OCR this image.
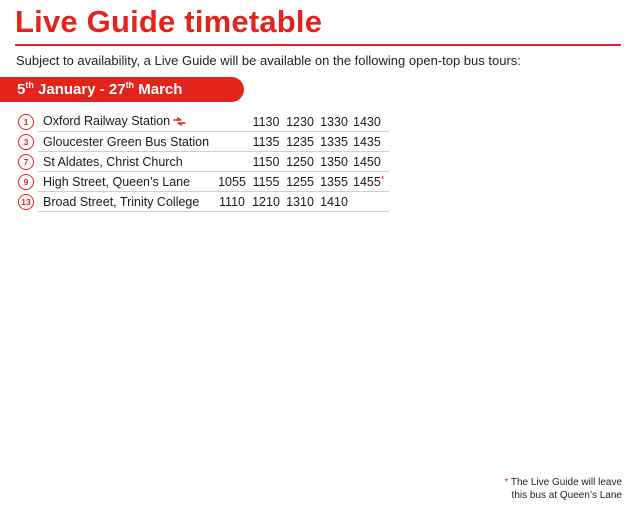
Live Guide timetable
Subject to availability, a Live Guide will be available on the following open-top bus tours:
5th January - 27th March
1	Oxford Railway Station		1130	1230	1330	1430
3	Gloucester Green Bus Station		1135	1235	1335	1435
7	St Aldates, Christ Church		1150	1250	1350	1450
9	High Street, Queen’s Lane	1055	1155	1255	1355	1455*
13	Broad Street, Trinity College	1110	1210	1310	1410	
* The Live Guide will leave
this bus at Queen’s Lane
